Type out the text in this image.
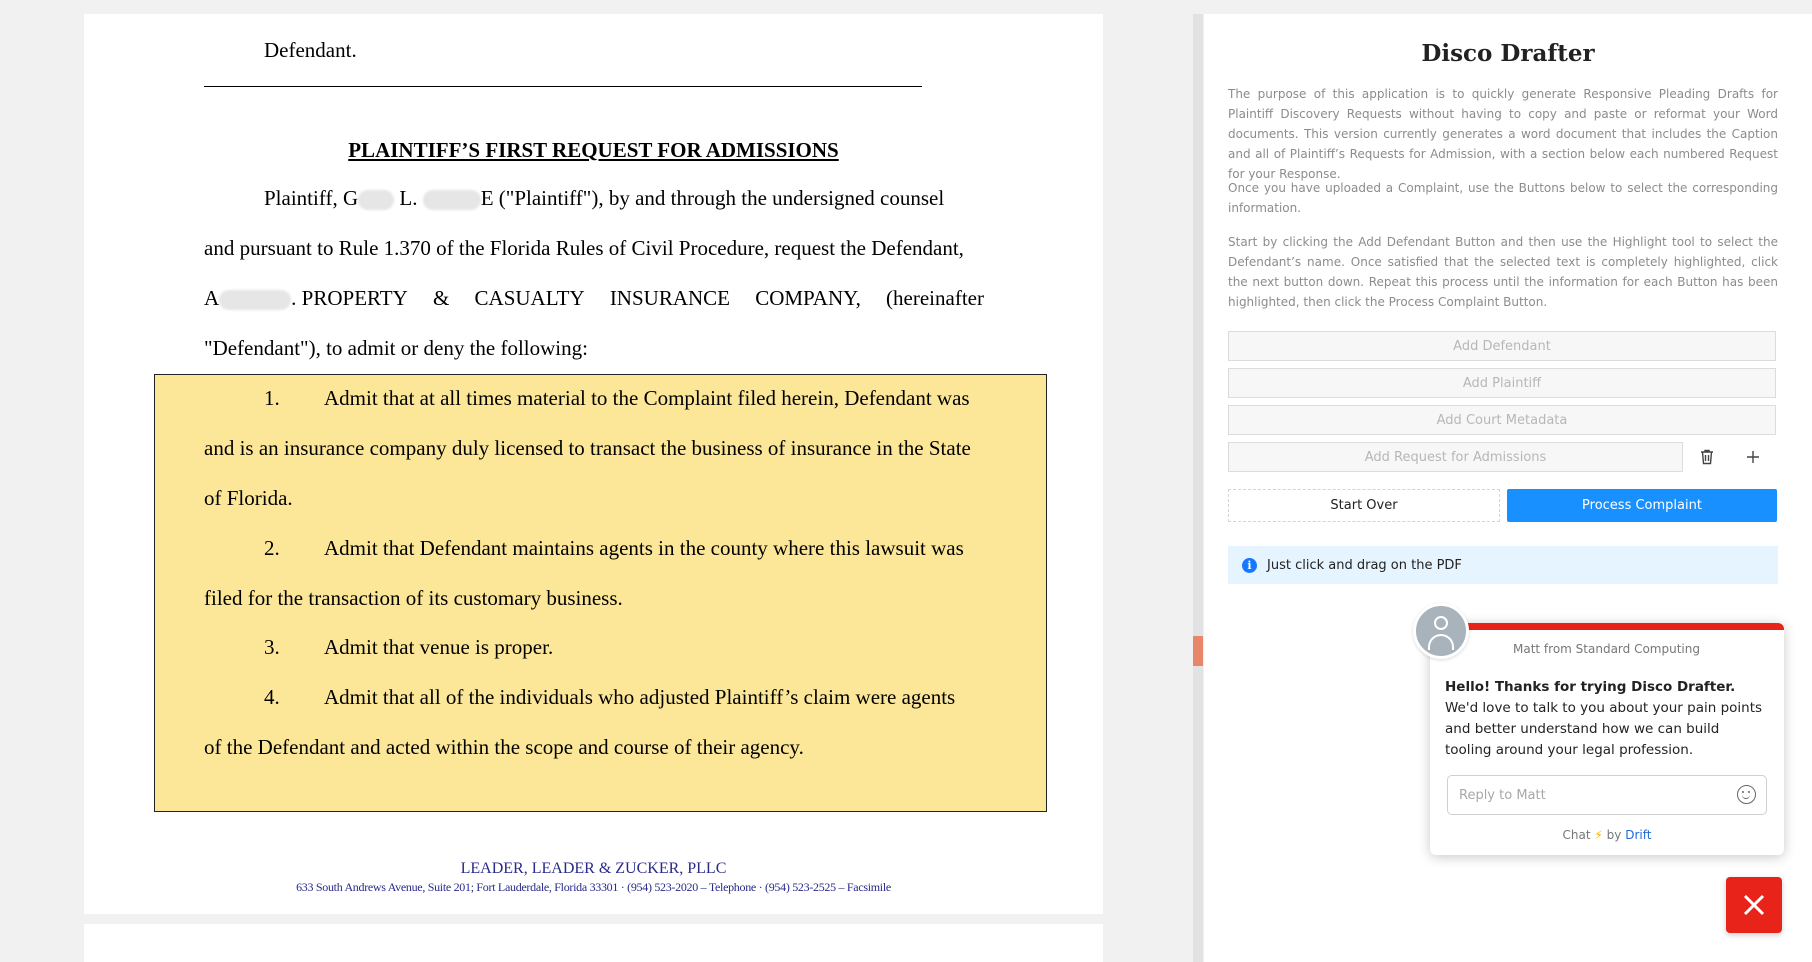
Defendant.
PLAINTIFF’S FIRST REQUEST FOR ADMISSIONS
Plaintiff, G L.	E ("Plaintiff"), by and through the undersigned counsel
and pursuant to Rule 1.370 of the Florida Rules of Civil Procedure, request the Defendant,
A	. PROPERTY & CASUALTY INSURANCE COMPANY, (hereinafter
"Defendant"), to admit or deny the following:
1. Admit that at all times material to the Complaint filed herein, Defendant was
and is an insurance company duly licensed to transact the business of insurance in the State
of Florida.
2. Admit that Defendant maintains agents in the county where this lawsuit was
filed for the transaction of its customary business.
3. Admit that venue is proper.
4. Admit that all of the individuals who adjusted Plaintiff’s claim were agents
of the Defendant and acted within the scope and course of their agency.
LEADER, LEADER & ZUCKER, PLLC
633 South Andrews Avenue, Suite 201; Fort Lauderdale, Florida 33301 · (954) 523-2020 – Telephone · (954) 523-2525 – Facsimile
Disco Drafter
The purpose of this application is to quickly generate Responsive Pleading Drafts for Plaintiff Discovery Requests without having to copy and paste or reformat your Word documents. This version currently generates a word document that includes the Caption and all of Plaintiff’s Requests for Admission, with a section below each numbered Request for your Response.
Once you have uploaded a Complaint, use the Buttons below to select the corresponding information.
Start by clicking the Add Defendant Button and then use the Highlight tool to select the Defendant’s name. Once satisfied that the selected text is completely highlighted, click the next button down. Repeat this process until the information for each Button has been highlighted, then click the Process Complaint Button.
Add Defendant
Add Plaintiff
Add Court Metadata
Add Request for Admissions
Start Over	Process Complaint
i	Just click and drag on the PDF
Matt from Standard Computing
Hello! Thanks for trying Disco Drafter. We'd love to talk to you about your pain points and better understand how we can build tooling around your legal profession.
Reply to Matt
Chat ⚡ by Drift
